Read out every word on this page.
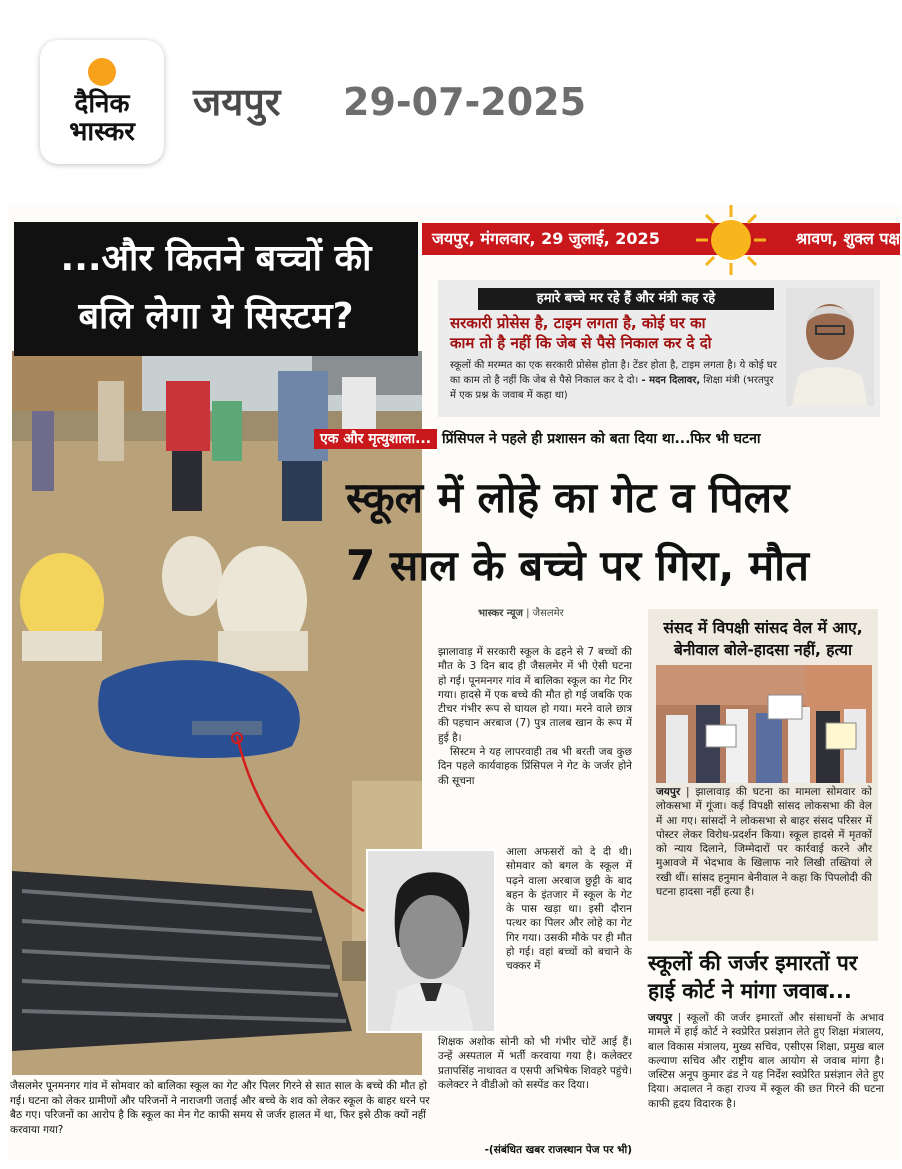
दैनिक
भास्कर
जयपुर 29-07-2025
...और कितने बच्चों की
बलि लेगा ये सिस्टम?
जयपुर, मंगलवार, 29 जुलाई, 2025	श्रावण, शुक्ल पक्ष
हमारे बच्चे मर रहे हैं और मंत्री कह रहे
सरकारी प्रोसेस है, टाइम लगता है, कोई घर का
काम तो है नहीं कि जेब से पैसे निकाल कर दे दो
स्कूलों की मरम्मत का एक सरकारी प्रोसेस होता है। टेंडर होता है, टाइम लगता है। ये कोई घर का काम तो है नहीं कि जेब से पैसे निकाल कर दे दो। - मदन दिलावर, शिक्षा मंत्री (भरतपुर में एक प्रश्न के जवाब में कहा था)
एक और मृत्युशाला... प्रिंसिपल ने पहले ही प्रशासन को बता दिया था...फिर भी घटना
स्कूल में लोहे का गेट व पिलर
7 साल के बच्चे पर गिरा, मौत
भास्कर न्यूज | जैसलमेर

झालावाड़ में सरकारी स्कूल के ढहने से 7 बच्चों की मौत के 3 दिन बाद ही जैसलमेर में भी ऐसी घटना हो गई। पूनमनगर गांव में बालिका स्कूल का गेट गिर गया। हादसे में एक बच्चे की मौत हो गई जबकि एक टीचर गंभीर रूप से घायल हो गया। मरने वाले छात्र की पहचान अरबाज (7) पुत्र तालब खान के रूप में हुई है।

सिस्टम ने यह लापरवाही तब भी बरती जब कुछ दिन पहले कार्यवाहक प्रिंसिपल ने गेट के जर्जर होने की सूचना

आला अफसरों को दे दी थी। सोमवार को बगल के स्कूल में पढ़ने वाला अरबाज छुट्टी के बाद बहन के इंतजार में स्कूल के गेट के पास खड़ा था। इसी दौरान पत्थर का पिलर और लोहे का गेट गिर गया। उसकी मौके पर ही मौत हो गई। वहां बच्चों को बचाने के चक्कर में

शिक्षक अशोक सोनी को भी गंभीर चोटें आई हैं। उन्हें अस्पताल में भर्ती करवाया गया है। कलेक्टर प्रतापसिंह नाथावत व एसपी अभिषेक शिवहरे पहुंचे। कलेक्टर ने वीडीओ को सस्पेंड कर दिया।

-(संबंधित खबर राजस्थान पेज पर भी)
जैसलमेर पूनमनगर गांव में सोमवार को बालिका स्कूल का गेट और पिलर गिरने से सात साल के बच्चे की मौत हो गई। घटना को लेकर ग्रामीणों और परिजनों ने नाराजगी जताई और बच्चे के शव को लेकर स्कूल के बाहर धरने पर बैठ गए। परिजनों का आरोप है कि स्कूल का मेन गेट काफी समय से जर्जर हालत में था, फिर इसे ठीक क्यों नहीं करवाया गया?
संसद में विपक्षी सांसद वेल में आए,
बेनीवाल बोले-हादसा नहीं, हत्या
जयपुर | झालावाड़ की घटना का मामला सोमवार को लोकसभा में गूंजा। कई विपक्षी सांसद लोकसभा की वेल में आ गए। सांसदों ने लोकसभा से बाहर संसद परिसर में पोस्टर लेकर विरोध-प्रदर्शन किया। स्कूल हादसे में मृतकों को न्याय दिलाने, जिम्मेदारों पर कार्रवाई करने और मुआवजे में भेदभाव के खिलाफ नारे लिखी तख्तियां ले रखी थीं। सांसद हनुमान बेनीवाल ने कहा कि पिपलोदी की घटना हादसा नहीं हत्या है।
स्कूलों की जर्जर इमारतों पर
हाई कोर्ट ने मांगा जवाब...
जयपुर | स्कूलों की जर्जर इमारतों और संसाधनों के अभाव मामले में हाई कोर्ट ने स्वप्रेरित प्रसंज्ञान लेते हुए शिक्षा मंत्रालय, बाल विकास मंत्रालय, मुख्य सचिव, एसीएस शिक्षा, प्रमुख बाल कल्याण सचिव और राष्ट्रीय बाल आयोग से जवाब मांगा है। जस्टिस अनूप कुमार ढंड ने यह निर्देश स्वप्रेरित प्रसंज्ञान लेते हुए दिया। अदालत ने कहा राज्य में स्कूल की छत गिरने की घटना काफी हृदय विदारक है।
